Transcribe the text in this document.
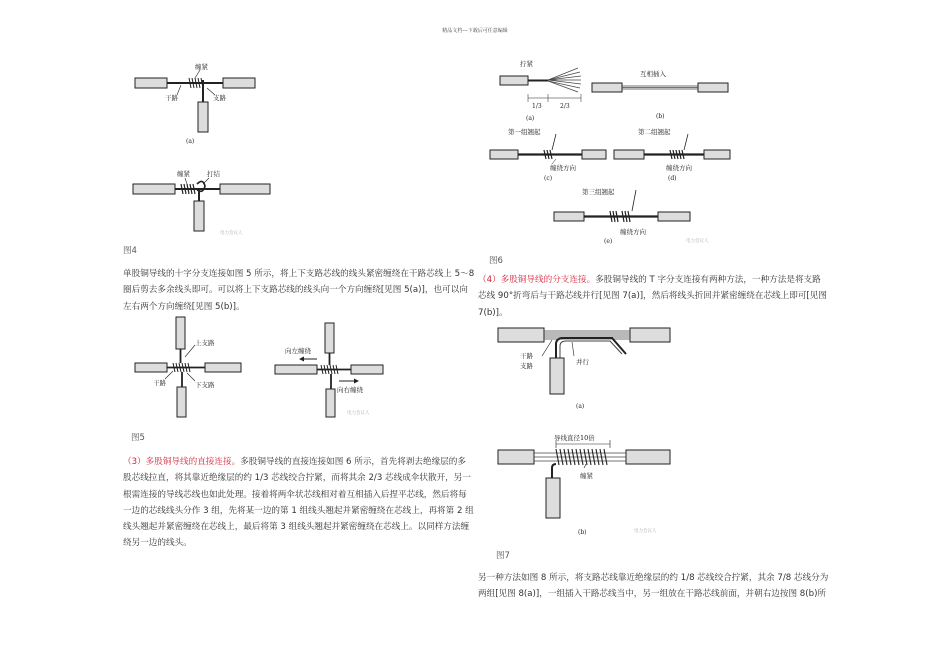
精品文档---下载后可任意编辑
缠紧
干路	支路
(a)
缠紧	打结
电力会议人
图4
单股铜导线的十字分支连接如图 5 所示，将上下支路芯线的线头紧密缠绕在干路芯线上 5～8
圈后剪去多余线头即可。可以将上下支路芯线的线头向一个方向缠绕[见图 5(a)]，也可以向
左右两个方向缠绕[见图 5(b)]。
上支路
干路	下支路
向左缠绕
向右缠绕
电力会议人
图5
（3）多股铜导线的直接连接。多股铜导线的直接连接如图 6 所示，首先将剥去绝缘层的多
股芯线拉直，将其靠近绝缘层的约 1/3 芯线绞合拧紧，而将其余 2/3 芯线成伞状散开，另一
根需连接的导线芯线也如此处理。接着将两伞状芯线相对着互相插入后捏平芯线，然后将每
一边的芯线线头分作 3 组，先将某一边的第 1 组线头翘起并紧密缠绕在芯线上，再将第 2 组
线头翘起并紧密缠绕在芯线上，最后将第 3 组线头翘起并紧密缠绕在芯线上。以同样方法缠
绕另一边的线头。
拧紧
1/3	2/3
(a)
互相插入
(b)
第一组翘起
缠绕方向
(c)
第二组翘起
缠绕方向
(d)
第三组翘起
缠绕方向
(e)	电力会议人
图6
（4）多股铜导线的分支连接。多股铜导线的 T 字分支连接有两种方法，一种方法是将支路
芯线 90°折弯后与干路芯线并行[见图 7(a)]，然后将线头折回并紧密缠绕在芯线上即可[见图
7(b)]。
干路
支路	并行
(a)
导线直径10倍
缠紧
(b)	电力会议人
图7
另一种方法如图 8 所示，将支路芯线靠近绝缘层的约 1/8 芯线绞合拧紧，其余 7/8 芯线分为
两组[见图 8(a)]，一组插入干路芯线当中，另一组放在干路芯线前面，并朝右边按图 8(b)所
